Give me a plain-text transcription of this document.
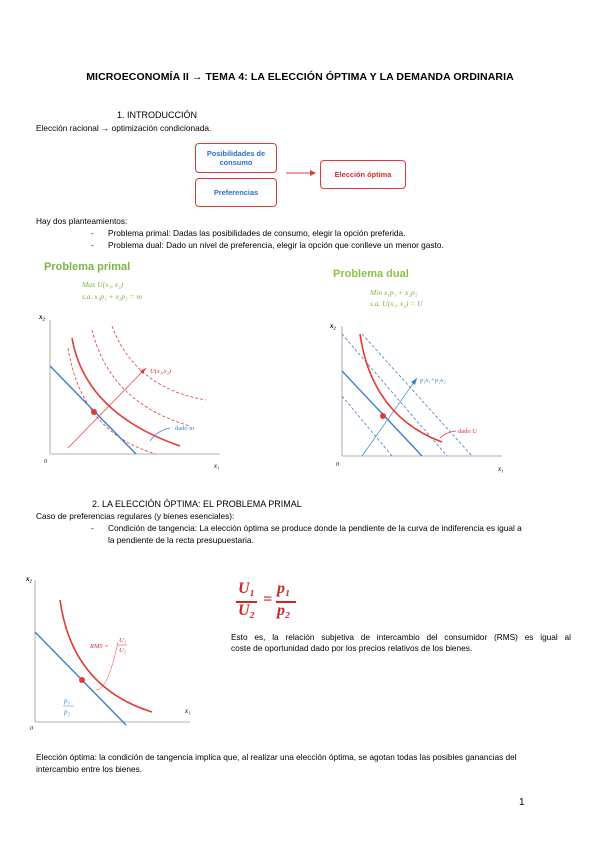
MICROECONOMÍA II → TEMA 4: LA ELECCIÓN ÓPTIMA Y LA DEMANDA ORDINARIA
1. INTRODUCCIÓN
Elección racional → optimización condicionada.
Posibilidades de consumo
Preferencias
Elección óptima
Hay dos planteamientos:
- Problema primal: Dadas las posibilidades de consumo, elegir la opción preferida.
- Problema dual: Dado un nivel de preferencia, elegir la opción que conlleve un menor gasto.
Problema primal
Max U(x₁, x₂)
s.a. x₁p₁ + x₂p₂ = m
x₂
x₁
0
U(x₁,x₂)
dado m
Problema dual
Min x₁p₁ + x₂p₂
s.a. U(x₁, x₂) = U
x₂
x₁
0
p₁x₁+p₂x₂
dado U
2. LA ELECCIÓN ÓPTIMA: EL PROBLEMA PRIMAL
Caso de preferencias regulares (y bienes esenciales):
- Condición de tangencia: La elección óptima se produce donde la pendiente de la curva de indiferencia es igual a
la pendiente de la recta presupuestaria.
x₂
x₁
0
RMS =
U₁
U₂
p₁
p₂
U₁
U₂
=
p₁
p₂
Esto es, la relación subjetiva de intercambio del consumidor (RMS) es igual al
coste de oportunidad dado por los precios relativos de los bienes.
Elección óptima: la condición de tangencia implica que, al realizar una elección óptima, se agotan todas las posibles ganancias del
intercambio entre los bienes.
1
